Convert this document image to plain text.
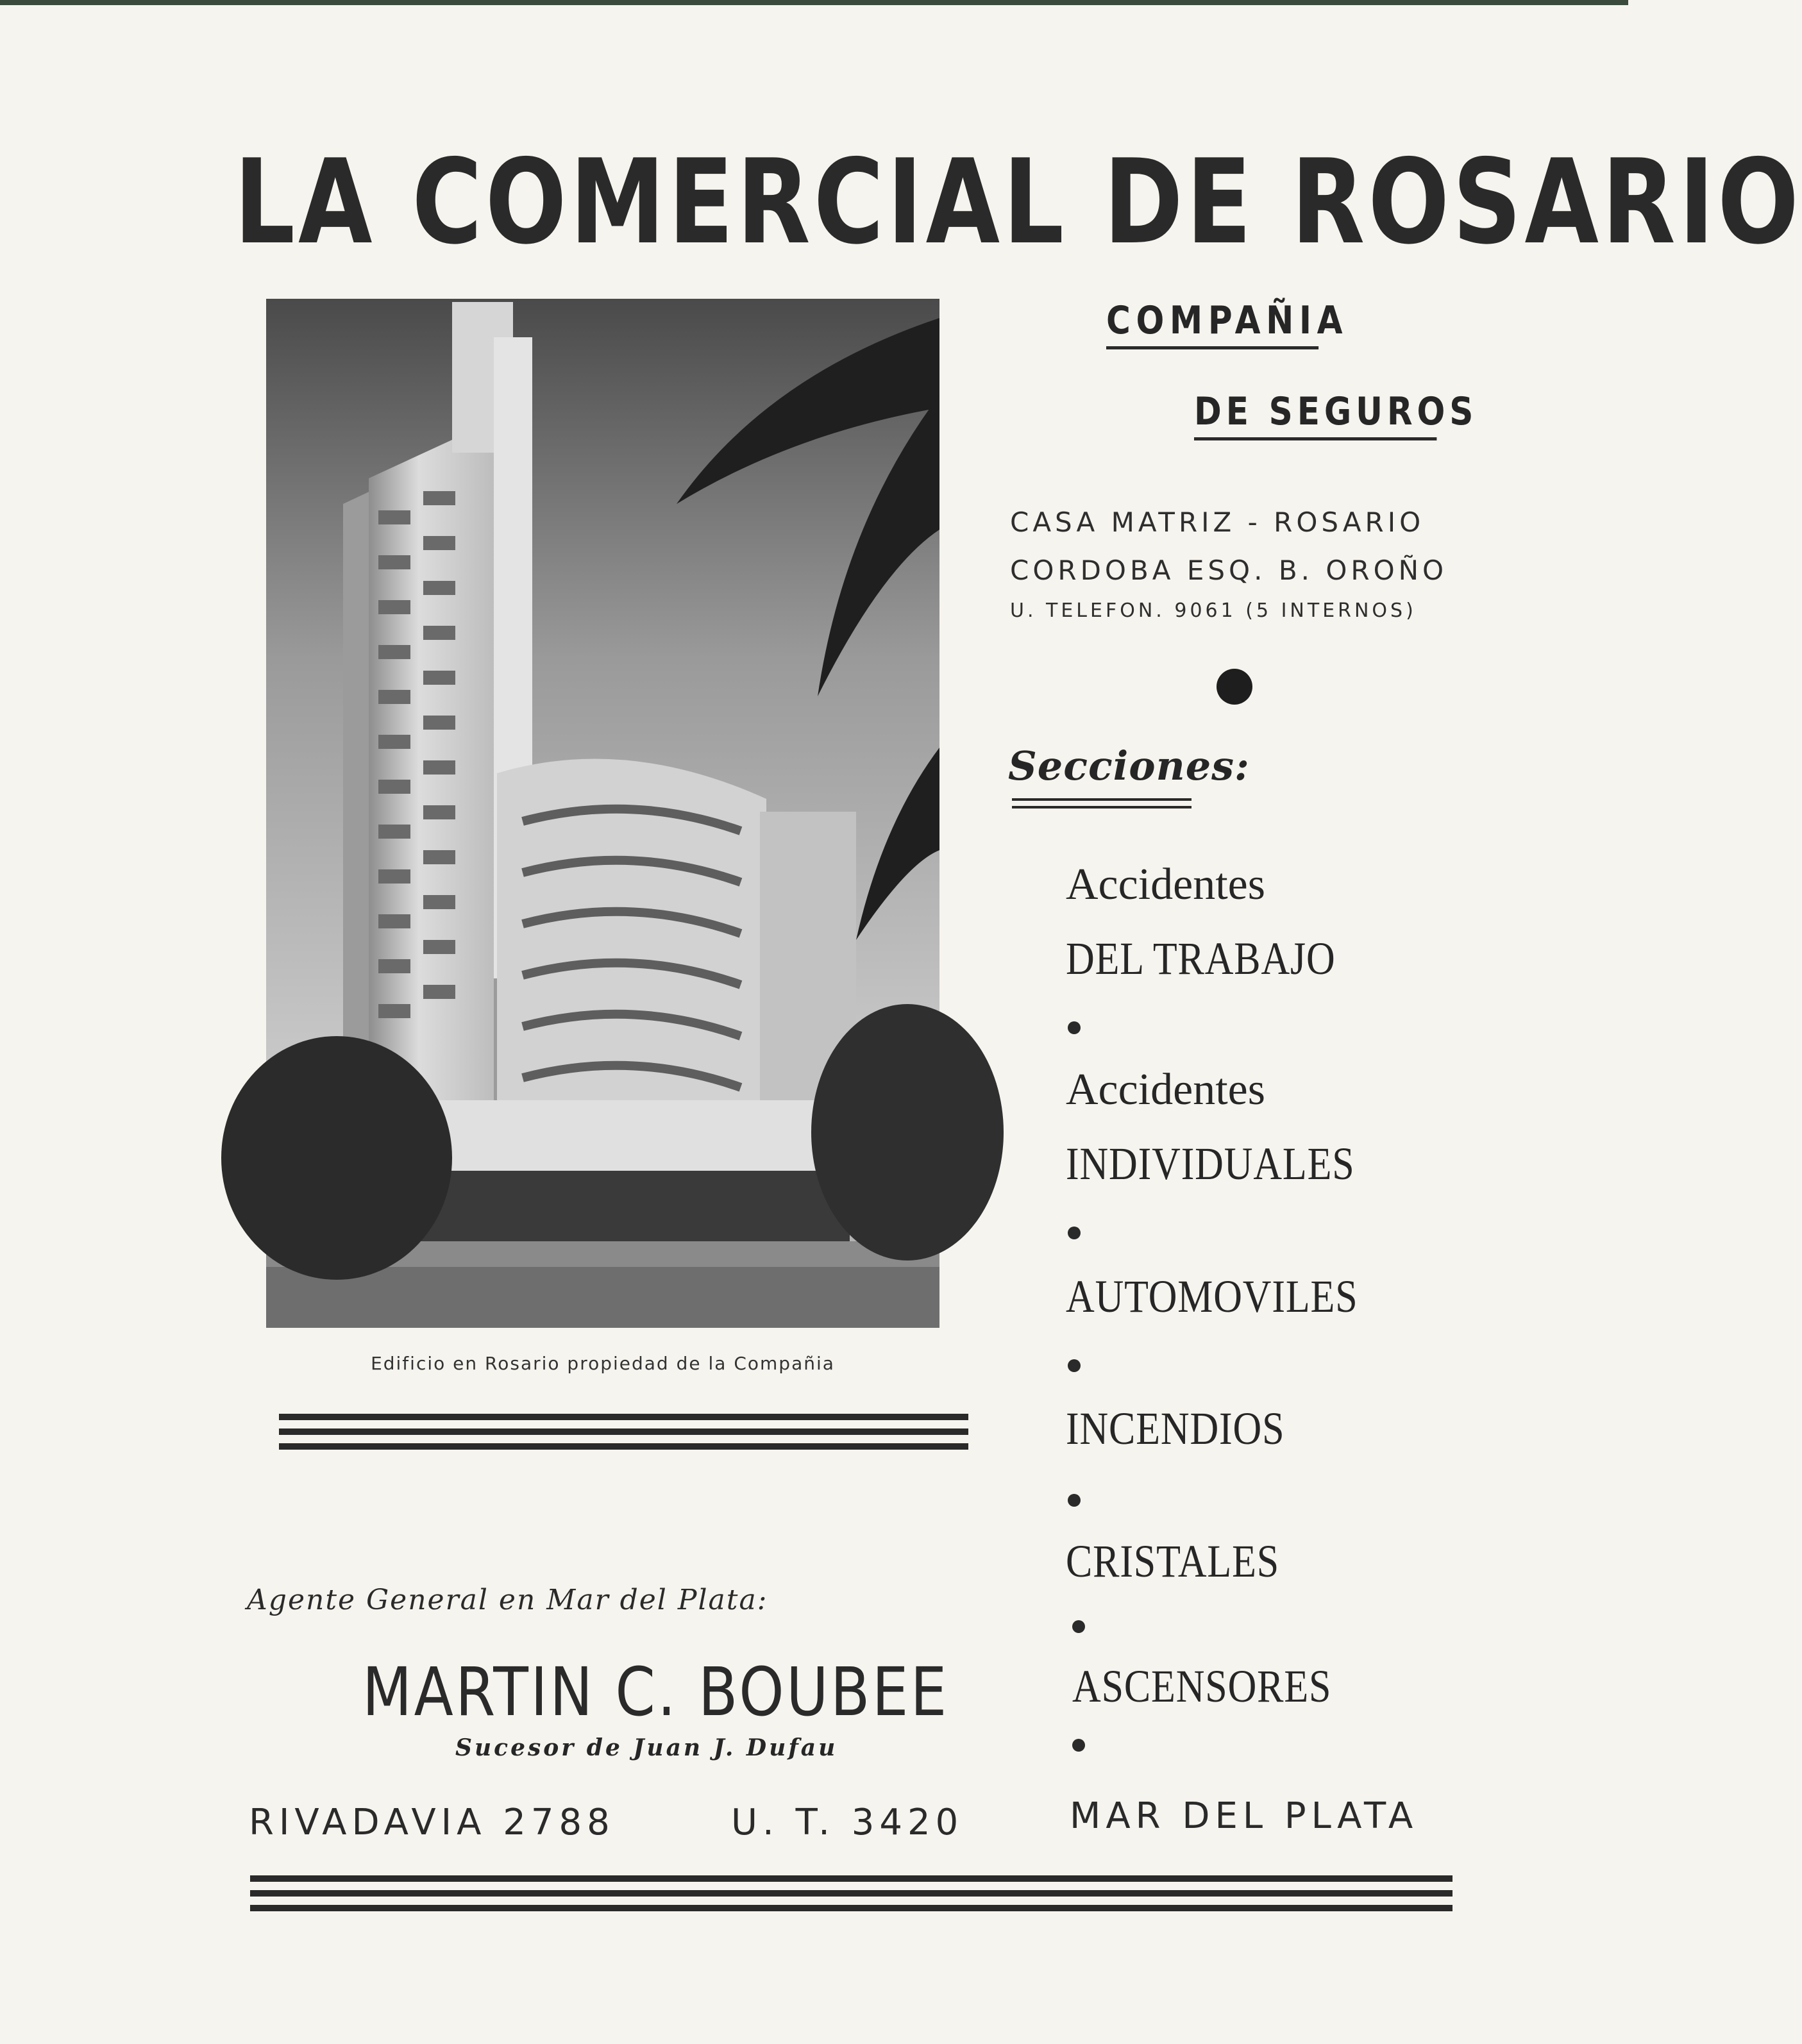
LA COMERCIAL DE ROSARIO
Edificio en Rosario propiedad de la Compañia
COMPAÑIA
DE SEGUROS
CASA MATRIZ - ROSARIO
CORDOBA ESQ. B. OROÑO
U. TELEFON. 9061 (5 INTERNOS)
Secciones:
Accidentes
DEL TRABAJO
Accidentes
INDIVIDUALES
AUTOMOVILES
INCENDIOS
CRISTALES
ASCENSORES
Agente General en Mar del Plata:
MARTIN C. BOUBEE
Sucesor de Juan J. Dufau
RIVADAVIA 2788	U. T. 3420	MAR DEL PLATA
